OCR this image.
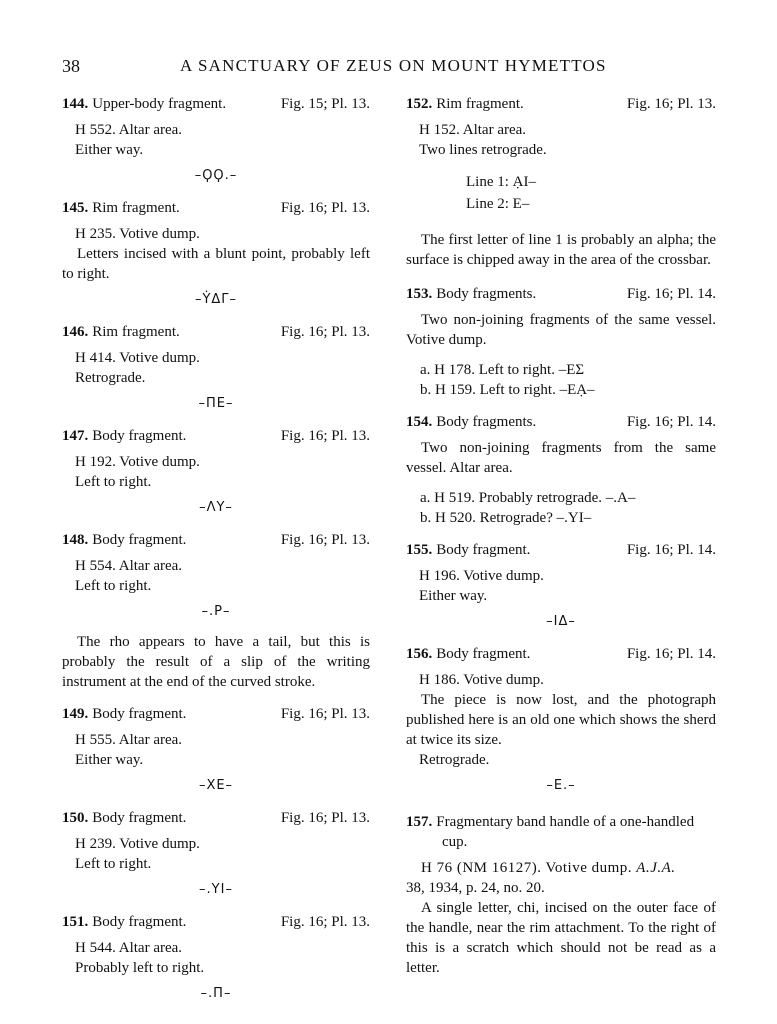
38	A SANCTUARY OF ZEUS ON MOUNT HYMETTOS
144. Upper-body fragment.	Fig. 15; Pl. 13.
H 552. Altar area.
Either way.
–ϘϘ.–
145. Rim fragment.	Fig. 16; Pl. 13.
H 235. Votive dump.
Letters incised with a blunt point, probably left to right.
–ẎΔΓ–
146. Rim fragment.	Fig. 16; Pl. 13.
H 414. Votive dump.
Retrograde.
–ΠΕ–
147. Body fragment.	Fig. 16; Pl. 13.
H 192. Votive dump.
Left to right.
–ΛΥ–
148. Body fragment.	Fig. 16; Pl. 13.
H 554. Altar area.
Left to right.
–.Ρ–
The rho appears to have a tail, but this is probably the result of a slip of the writing instrument at the end of the curved stroke.
149. Body fragment.	Fig. 16; Pl. 13.
H 555. Altar area.
Either way.
–XE–
150. Body fragment.	Fig. 16; Pl. 13.
H 239. Votive dump.
Left to right.
–.ΥΙ–
151. Body fragment.	Fig. 16; Pl. 13.
H 544. Altar area.
Probably left to right.
–.Π–
152. Rim fragment.	Fig. 16; Pl. 13.
H 152. Altar area.
Two lines retrograde.
Line 1: ẠΙ–
Line 2: Ε–
The first letter of line 1 is probably an alpha; the surface is chipped away in the area of the crossbar.
153. Body fragments.	Fig. 16; Pl. 14.
Two non-joining fragments of the same vessel. Votive dump.
a. H 178. Left to right. –ΕΣ
b. H 159. Left to right. –ΕẠ–
154. Body fragments.	Fig. 16; Pl. 14.
Two non-joining fragments from the same vessel. Altar area.
a. H 519. Probably retrograde. –.Α–
b. H 520. Retrograde? –.ΥΙ–
155. Body fragment.	Fig. 16; Pl. 14.
H 196. Votive dump.
Either way.
–ΙΔ–
156. Body fragment.	Fig. 16; Pl. 14.
H 186. Votive dump.
The piece is now lost, and the photograph published here is an old one which shows the sherd at twice its size.
Retrograde.
–Ε.–
157. Fragmentary band handle of a one-handled cup.
H 76 (NM 16127). Votive dump. A.J.A.
38, 1934, p. 24, no. 20.
A single letter, chi, incised on the outer face of the handle, near the rim attachment. To the right of this is a scratch which should not be read as a letter.
